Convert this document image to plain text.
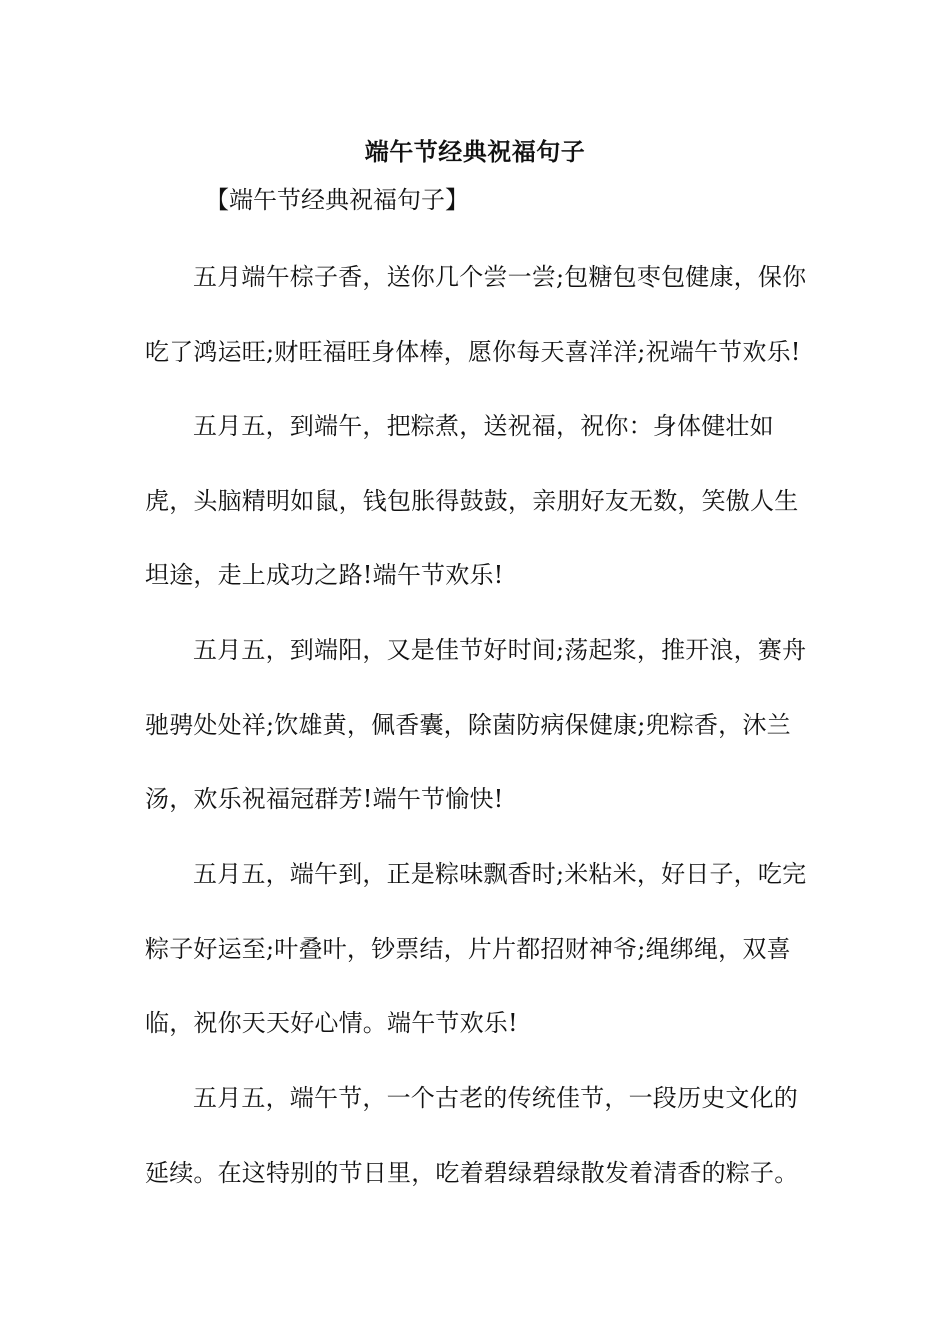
端午节经典祝福句子
【端午节经典祝福句子】

五月端午棕子香，送你几个尝一尝;包糖包枣包健康，保你吃了鸿运旺;财旺福旺身体棒，愿你每天喜洋洋;祝端午节欢乐!

五月五，到端午，把粽煮，送祝福，祝你：身体健壮如虎，头脑精明如鼠，钱包胀得鼓鼓，亲朋好友无数，笑傲人生坦途，走上成功之路!端午节欢乐!

五月五，到端阳，又是佳节好时间;荡起浆，推开浪，赛舟驰骋处处祥;饮雄黄，佩香囊，除菌防病保健康;兜粽香，沐兰汤，欢乐祝福冠群芳!端午节愉快!

五月五，端午到，正是粽味飘香时;米粘米，好日子，吃完粽子好运至;叶叠叶，钞票结，片片都招财神爷;绳绑绳，双喜临，祝你天天好心情。端午节欢乐!

五月五，端午节，一个古老的传统佳节，一段历史文化的延续。在这特别的节日里，吃着碧绿碧绿散发着清香的粽子。
